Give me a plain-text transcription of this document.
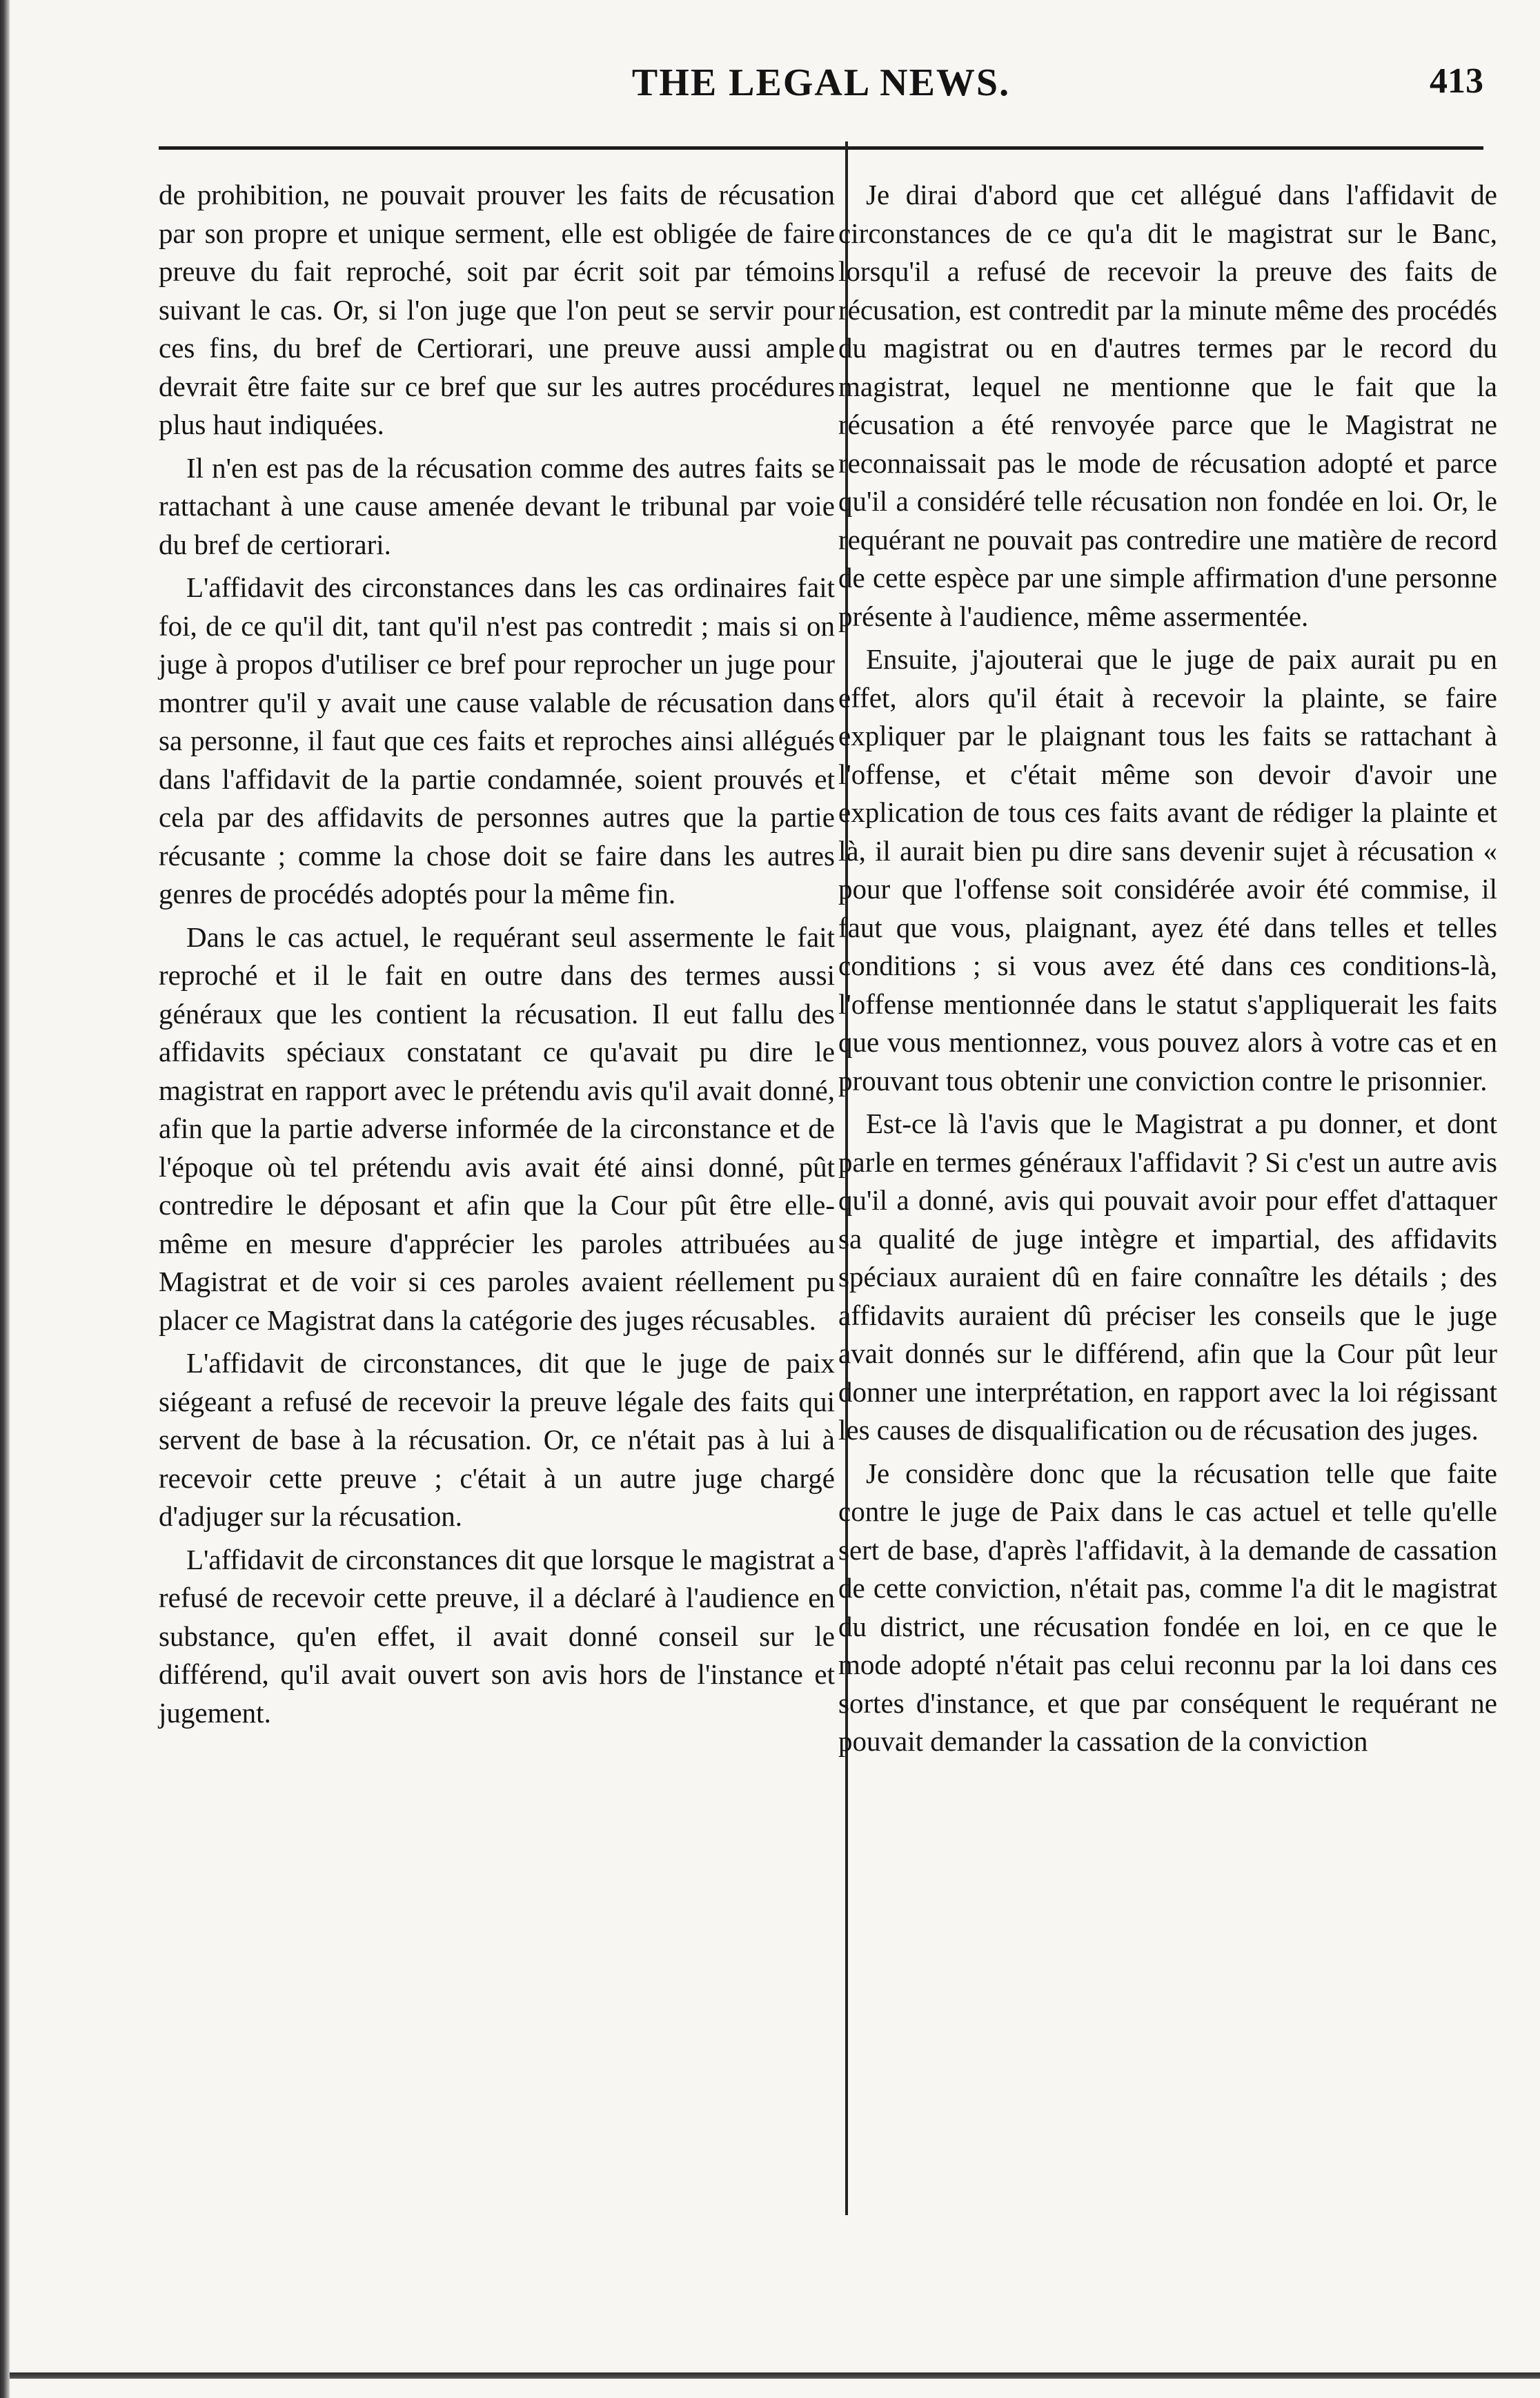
THE LEGAL NEWS.	413

de prohibition, ne pouvait prouver les faits de récusation par son propre et unique serment, elle est obligée de faire preuve du fait reproché, soit par écrit soit par témoins suivant le cas. Or, si l'on juge que l'on peut se servir pour ces fins, du bref de Certiorari, une preuve aussi ample devrait être faite sur ce bref que sur les autres procédures plus haut indiquées.

Il n'en est pas de la récusation comme des autres faits se rattachant à une cause amenée devant le tribunal par voie du bref de certiorari.

L'affidavit des circonstances dans les cas ordinaires fait foi, de ce qu'il dit, tant qu'il n'est pas contredit ; mais si on juge à propos d'utiliser ce bref pour reprocher un juge pour montrer qu'il y avait une cause valable de récusation dans sa personne, il faut que ces faits et reproches ainsi allégués dans l'affidavit de la partie condamnée, soient prouvés et cela par des affidavits de personnes autres que la partie récusante ; comme la chose doit se faire dans les autres genres de procédés adoptés pour la même fin.

Dans le cas actuel, le requérant seul assermente le fait reproché et il le fait en outre dans des termes aussi généraux que les contient la récusation. Il eut fallu des affidavits spéciaux constatant ce qu'avait pu dire le magistrat en rapport avec le prétendu avis qu'il avait donné, afin que la partie adverse informée de la circonstance et de l'époque où tel prétendu avis avait été ainsi donné, pût contredire le déposant et afin que la Cour pût être elle-même en mesure d'apprécier les paroles attribuées au Magistrat et de voir si ces paroles avaient réellement pu placer ce Magistrat dans la catégorie des juges récusables.

L'affidavit de circonstances, dit que le juge de paix siégeant a refusé de recevoir la preuve légale des faits qui servent de base à la récusation. Or, ce n'était pas à lui à recevoir cette preuve ; c'était à un autre juge chargé d'adjuger sur la récusation.

L'affidavit de circonstances dit que lorsque le magistrat a refusé de recevoir cette preuve, il a déclaré à l'audience en substance, qu'en effet, il avait donné conseil sur le différend, qu'il avait ouvert son avis hors de l'instance et jugement.

Je dirai d'abord que cet allégué dans l'affidavit de circonstances de ce qu'a dit le magistrat sur le Banc, lorsqu'il a refusé de recevoir la preuve des faits de récusation, est contredit par la minute même des procédés du magistrat ou en d'autres termes par le record du magistrat, lequel ne mentionne que le fait que la récusation a été renvoyée parce que le Magistrat ne reconnaissait pas le mode de récusation adopté et parce qu'il a considéré telle récusation non fondée en loi. Or, le requérant ne pouvait pas contredire une matière de record de cette espèce par une simple affirmation d'une personne présente à l'audience, même assermentée.

Ensuite, j'ajouterai que le juge de paix aurait pu en effet, alors qu'il était à recevoir la plainte, se faire expliquer par le plaignant tous les faits se rattachant à l'offense, et c'était même son devoir d'avoir une explication de tous ces faits avant de rédiger la plainte et là, il aurait bien pu dire sans devenir sujet à récusation « pour que l'offense soit considérée avoir été commise, il faut que vous, plaignant, ayez été dans telles et telles conditions ; si vous avez été dans ces conditions-là, l'offense mentionnée dans le statut s'appliquerait les faits que vous mentionnez, vous pouvez alors à votre cas et en prouvant tous obtenir une conviction contre le prisonnier.

Est-ce là l'avis que le Magistrat a pu donner, et dont parle en termes généraux l'affidavit ? Si c'est un autre avis qu'il a donné, avis qui pouvait avoir pour effet d'attaquer sa qualité de juge intègre et impartial, des affidavits spéciaux auraient dû en faire connaître les détails ; des affidavits auraient dû préciser les conseils que le juge avait donnés sur le différend, afin que la Cour pût leur donner une interprétation, en rapport avec la loi régissant les causes de disqualification ou de récusation des juges.

Je considère donc que la récusation telle que faite contre le juge de Paix dans le cas actuel et telle qu'elle sert de base, d'après l'affidavit, à la demande de cassation de cette conviction, n'était pas, comme l'a dit le magistrat du district, une récusation fondée en loi, en ce que le mode adopté n'était pas celui reconnu par la loi dans ces sortes d'instance, et que par conséquent le requérant ne pouvait demander la cassation de la conviction
